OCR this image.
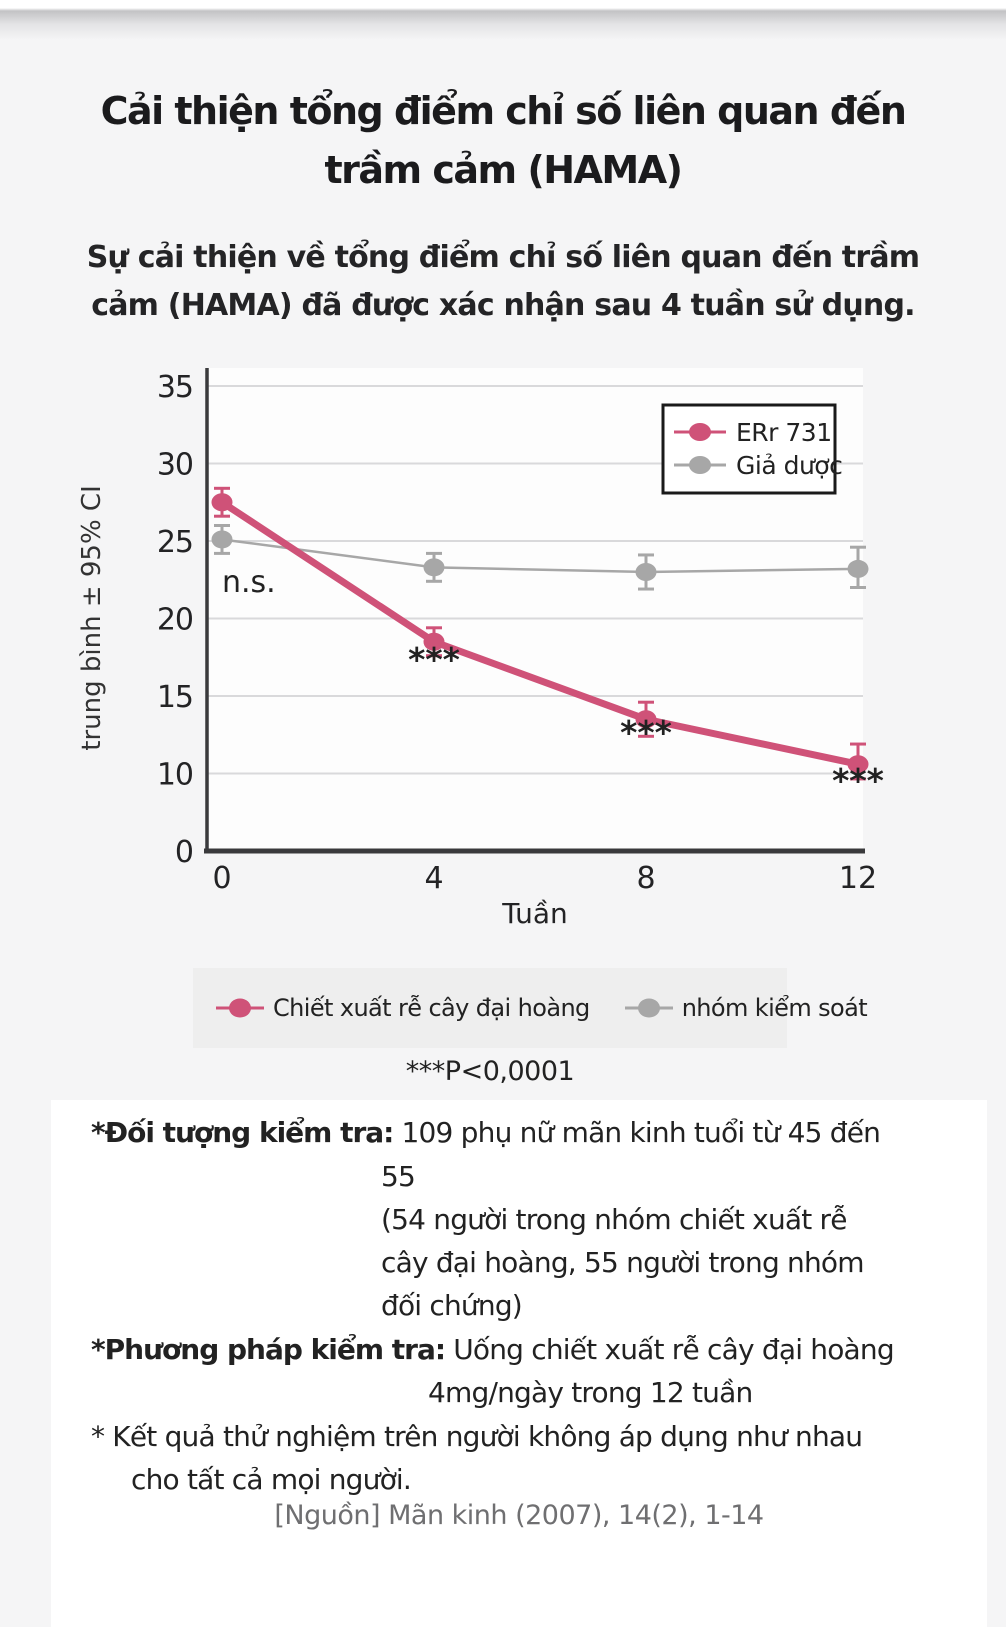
Cải thiện tổng điểm chỉ số liên quan đến trầm cảm (HAMA)
Sự cải thiện về tổng điểm chỉ số liên quan đến trầm cảm (HAMA) đã được xác nhận sau 4 tuần sử dụng.
0
10
15
20
25
30
35
0	4	8	12
Tuần
trung bình ± 95% CI	n.s.
***
***
***
ERr 731
Giả dược
Chiết xuất rễ cây đại hoàng	nhóm kiểm soát
***P<0,0001
*Đối tượng kiểm tra: 109 phụ nữ mãn kinh tuổi từ 45 đến
55
(54 người trong nhóm chiết xuất rễ
cây đại hoàng, 55 người trong nhóm
đối chứng)
*Phương pháp kiểm tra: Uống chiết xuất rễ cây đại hoàng
4mg/ngày trong 12 tuần
* Kết quả thử nghiệm trên người không áp dụng như nhau
cho tất cả mọi người.
[Nguồn] Mãn kinh (2007), 14(2), 1-14
